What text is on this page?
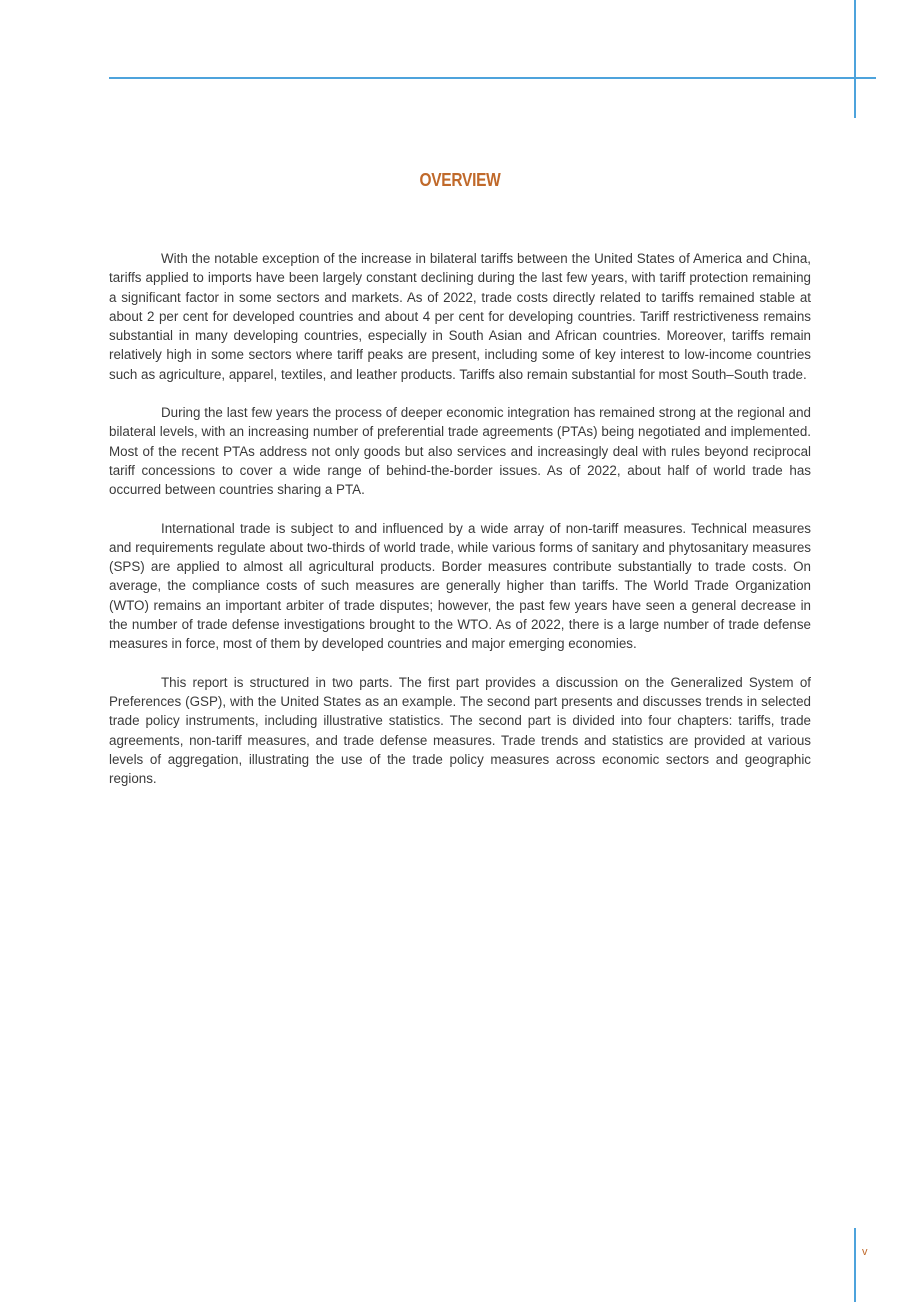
OVERVIEW

With the notable exception of the increase in bilateral tariffs between the United States of America and China, tariffs applied to imports have been largely constant declining during the last few years, with tariff protection remaining a significant factor in some sectors and markets. As of 2022, trade costs directly related to tariffs remained stable at about 2 per cent for developed countries and about 4 per cent for developing countries. Tariff restrictiveness remains substantial in many developing countries, especially in South Asian and African countries. Moreover, tariffs remain relatively high in some sectors where tariff peaks are present, including some of key interest to low-income countries such as agriculture, apparel, textiles, and leather products. Tariffs also remain substantial for most South–South trade.

During the last few years the process of deeper economic integration has remained strong at the regional and bilateral levels, with an increasing number of preferential trade agreements (PTAs) being negotiated and implemented. Most of the recent PTAs address not only goods but also services and increasingly deal with rules beyond reciprocal tariff concessions to cover a wide range of behind-the-border issues. As of 2022, about half of world trade has occurred between countries sharing a PTA.

International trade is subject to and influenced by a wide array of non-tariff measures. Technical measures and requirements regulate about two-thirds of world trade, while various forms of sanitary and phytosanitary measures (SPS) are applied to almost all agricultural products. Border measures contribute substantially to trade costs. On average, the compliance costs of such measures are generally higher than tariffs. The World Trade Organization (WTO) remains an important arbiter of trade disputes; however, the past few years have seen a general decrease in the number of trade defense investigations brought to the WTO. As of 2022, there is a large number of trade defense measures in force, most of them by developed countries and major emerging economies.

This report is structured in two parts. The first part provides a discussion on the Generalized System of Preferences (GSP), with the United States as an example. The second part presents and discusses trends in selected trade policy instruments, including illustrative statistics. The second part is divided into four chapters: tariffs, trade agreements, non-tariff measures, and trade defense measures. Trade trends and statistics are provided at various levels of aggregation, illustrating the use of the trade policy measures across economic sectors and geographic regions.

v
